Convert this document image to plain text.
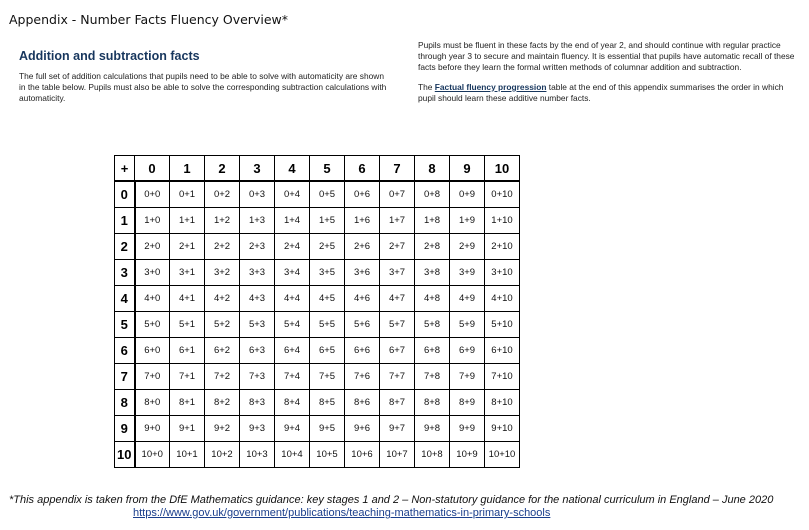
Appendix - Number Facts Fluency Overview*
Addition and subtraction facts
The full set of addition calculations that pupils need to be able to solve with automaticity are shown in the table below. Pupils must also be able to solve the corresponding subtraction calculations with automaticity.

Pupils must be fluent in these facts by the end of year 2, and should continue with regular practice through year 3 to secure and maintain fluency. It is essential that pupils have automatic recall of these facts before they learn the formal written methods of columnar addition and subtraction.

The Factual fluency progression table at the end of this appendix summarises the order in which pupil should learn these additive number facts.

+	0	1	2	3	4	5	6	7	8	9	10
0	0+0	0+1	0+2	0+3	0+4	0+5	0+6	0+7	0+8	0+9	0+10
1	1+0	1+1	1+2	1+3	1+4	1+5	1+6	1+7	1+8	1+9	1+10
2	2+0	2+1	2+2	2+3	2+4	2+5	2+6	2+7	2+8	2+9	2+10
3	3+0	3+1	3+2	3+3	3+4	3+5	3+6	3+7	3+8	3+9	3+10
4	4+0	4+1	4+2	4+3	4+4	4+5	4+6	4+7	4+8	4+9	4+10
5	5+0	5+1	5+2	5+3	5+4	5+5	5+6	5+7	5+8	5+9	5+10
6	6+0	6+1	6+2	6+3	6+4	6+5	6+6	6+7	6+8	6+9	6+10
7	7+0	7+1	7+2	7+3	7+4	7+5	7+6	7+7	7+8	7+9	7+10
8	8+0	8+1	8+2	8+3	8+4	8+5	8+6	8+7	8+8	8+9	8+10
9	9+0	9+1	9+2	9+3	9+4	9+5	9+6	9+7	9+8	9+9	9+10
10	10+0	10+1	10+2	10+3	10+4	10+5	10+6	10+7	10+8	10+9	10+10
*This appendix is taken from the DfE Mathematics guidance: key stages 1 and 2 – Non-statutory guidance for the national curriculum in England – June 2020
https://www.gov.uk/government/publications/teaching-mathematics-in-primary-schools
